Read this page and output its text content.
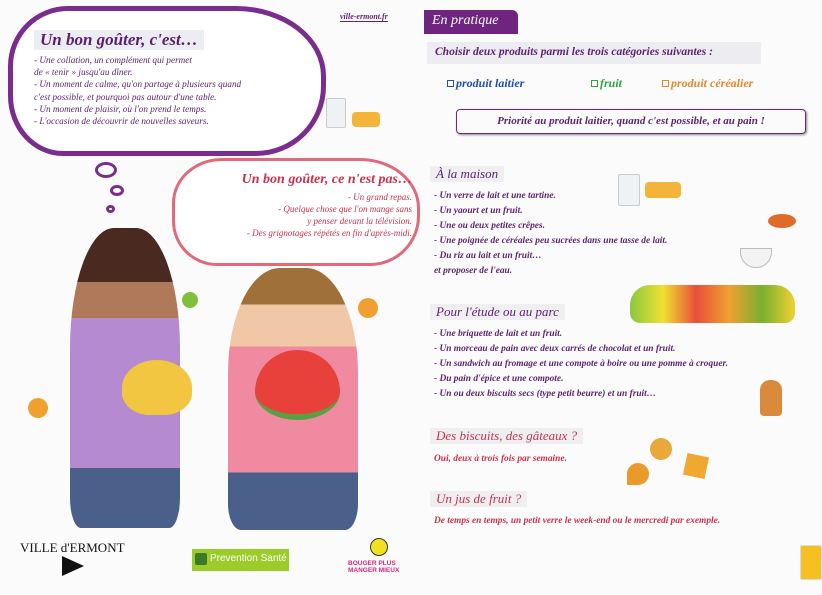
Un bon goûter, c'est…
- Une collation, un complément qui permet
de « tenir » jusqu'au dîner.
- Un moment de calme, qu'on partage à plusieurs quand
c'est possible, et pourquoi pas autour d'une table.
- Un moment de plaisir, où l'on prend le temps.
- L'occasion de découvrir de nouvelles saveurs.
Un bon goûter, ce n'est pas…
- Un grand repas.
- Quelque chose que l'on mange sans
y penser devant la télévision.
- Des grignotages répétés en fin d'après-midi.
VILLE d'ERMONT
Prevention Santé	BOUGER PLUS MANGER MIEUX
ville-ermont.fr	En pratique
Choisir deux produits parmi les trois catégories suivantes :
produit laitier	fruit	produit céréalier
Priorité au produit laitier, quand c'est possible, et au pain !
À la maison
- Un verre de lait et une tartine.
- Un yaourt et un fruit.
- Une ou deux petites crêpes.
- Une poignée de céréales peu sucrées dans une tasse de lait.
- Du riz au lait et un fruit…
et proposer de l'eau.
Pour l'étude ou au parc
- Une briquette de lait et un fruit.
- Un morceau de pain avec deux carrés de chocolat et un fruit.
- Un sandwich au fromage et une compote à boire ou une pomme à croquer.
- Du pain d'épice et une compote.
- Un ou deux biscuits secs (type petit beurre) et un fruit…
Des biscuits, des gâteaux ?
Oui, deux à trois fois par semaine.
Un jus de fruit ?
De temps en temps, un petit verre le week-end ou le mercredi par exemple.
